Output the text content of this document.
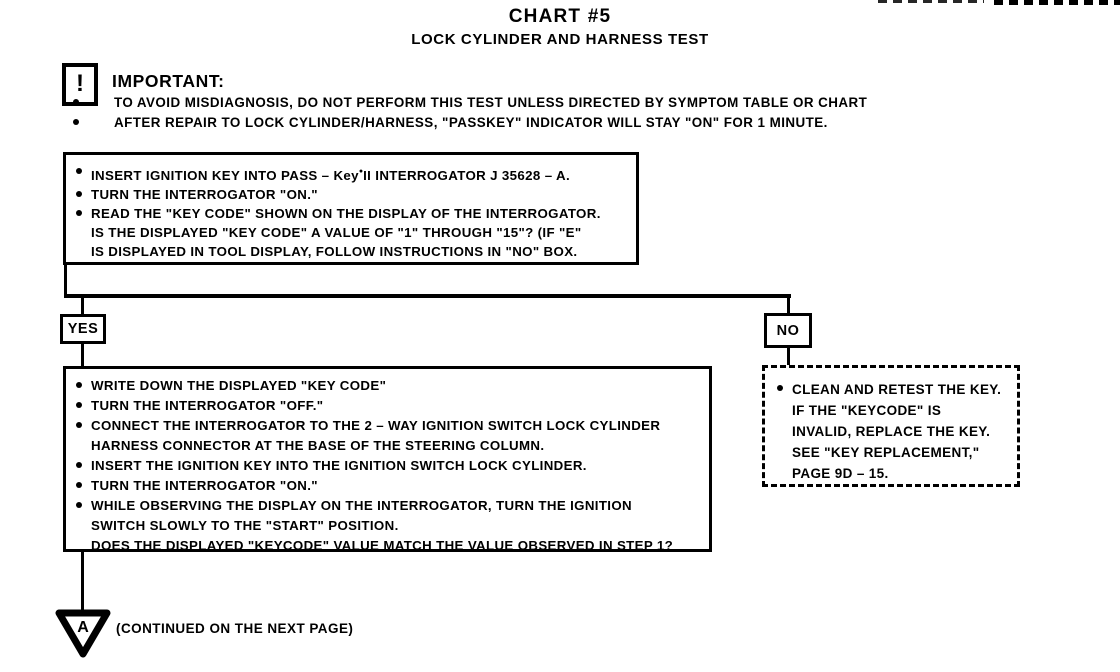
CHART #5
LOCK CYLINDER AND HARNESS TEST
! IMPORTANT:
TO AVOID MISDIAGNOSIS, DO NOT PERFORM THIS TEST UNLESS DIRECTED BY SYMPTOM TABLE OR CHART
AFTER REPAIR TO LOCK CYLINDER/HARNESS, "PASSKEY" INDICATOR WILL STAY "ON" FOR 1 MINUTE.
INSERT IGNITION KEY INTO PASS – Key●II INTERROGATOR J 35628 – A.
TURN THE INTERROGATOR "ON."
READ THE "KEY CODE" SHOWN ON THE DISPLAY OF THE INTERROGATOR.
IS THE DISPLAYED "KEY CODE" A VALUE OF "1" THROUGH "15"? (IF "E"
IS DISPLAYED IN TOOL DISPLAY, FOLLOW INSTRUCTIONS IN "NO" BOX.
YES	NO
WRITE DOWN THE DISPLAYED "KEY CODE"
TURN THE INTERROGATOR "OFF."
CONNECT THE INTERROGATOR TO THE 2 – WAY IGNITION SWITCH LOCK CYLINDER
HARNESS CONNECTOR AT THE BASE OF THE STEERING COLUMN.
INSERT THE IGNITION KEY INTO THE IGNITION SWITCH LOCK CYLINDER.
TURN THE INTERROGATOR "ON."
WHILE OBSERVING THE DISPLAY ON THE INTERROGATOR, TURN THE IGNITION
SWITCH SLOWLY TO THE "START" POSITION.
DOES THE DISPLAYED "KEYCODE" VALUE MATCH THE VALUE OBSERVED IN STEP 1?
CLEAN AND RETEST THE KEY.
IF THE "KEYCODE" IS
INVALID, REPLACE THE KEY.
SEE "KEY REPLACEMENT,"
PAGE 9D – 15.
A (CONTINUED ON THE NEXT PAGE)
